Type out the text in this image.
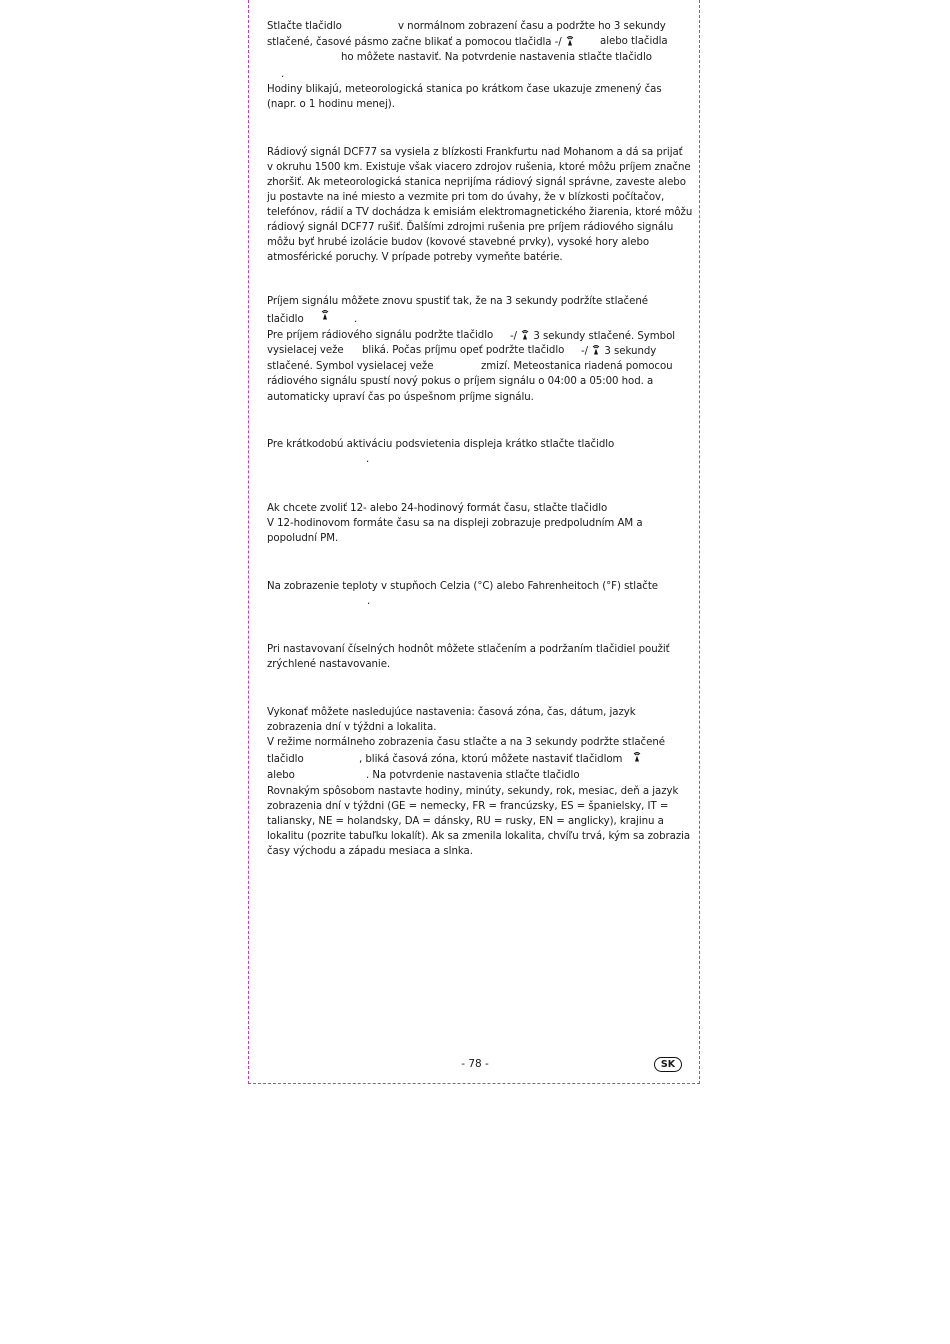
Stlačte tlačidlo	v normálnom zobrazení času a podržte ho 3 sekundy
stlačené, časové pásmo začne blikať a pomocou tlačidla -/	alebo tlačidla
ho môžete nastaviť. Na potvrdenie nastavenia stlačte tlačidlo
.
Hodiny blikajú, meteorologická stanica po krátkom čase ukazuje zmenený čas
(napr. o 1 hodinu menej).
Rádiový signál DCF77 sa vysiela z blízkosti Frankfurtu nad Mohanom a dá sa prijať
v okruhu 1500 km. Existuje však viacero zdrojov rušenia, ktoré môžu príjem značne
zhoršiť. Ak meteorologická stanica neprijíma rádiový signál správne, zaveste alebo
ju postavte na iné miesto a vezmite pri tom do úvahy, že v blízkosti počítačov,
telefónov, rádií a TV dochádza k emisiám elektromagnetického žiarenia, ktoré môžu
rádiový signál DCF77 rušiť. Ďalšími zdrojmi rušenia pre príjem rádiového signálu
môžu byť hrubé izolácie budov (kovové stavebné prvky), vysoké hory alebo
atmosférické poruchy. V prípade potreby vymeňte batérie.
Príjem signálu môžete znovu spustiť tak, že na 3 sekundy podržíte stlačené
tlačidlo	.
Pre príjem rádiového signálu podržte tlačidlo -/ 3 sekundy stlačené. Symbol
vysielacej veže bliká. Počas príjmu opeť podržte tlačidlo -/ 3 sekundy
stlačené. Symbol vysielacej veže	zmizí. Meteostanica riadená pomocou
rádiového signálu spustí nový pokus o príjem signálu o 04:00 a 05:00 hod. a
automaticky upraví čas po úspešnom príjme signálu.
Pre krátkodobú aktiváciu podsvietenia displeja krátko stlačte tlačidlo
.
Ak chcete zvoliť 12- alebo 24-hodinový formát času, stlačte tlačidlo
V 12-hodinovom formáte času sa na displeji zobrazuje predpoludním AM a
popoludní PM.
Na zobrazenie teploty v stupňoch Celzia (°C) alebo Fahrenheitoch (°F) stlačte
.
Pri nastavovaní číselných hodnôt môžete stlačením a podržaním tlačidiel použiť
zrýchlené nastavovanie.
Vykonať môžete nasledujúce nastavenia: časová zóna, čas, dátum, jazyk
zobrazenia dní v týždni a lokalita.
V režime normálneho zobrazenia času stlačte a na 3 sekundy podržte stlačené
tlačidlo	, bliká časová zóna, ktorú môžete nastaviť tlačidlom
alebo	. Na potvrdenie nastavenia stlačte tlačidlo
Rovnakým spôsobom nastavte hodiny, minúty, sekundy, rok, mesiac, deň a jazyk
zobrazenia dní v týždni (GE = nemecky, FR = francúzsky, ES = španielsky, IT =
taliansky, NE = holandsky, DA = dánsky, RU = rusky, EN = anglicky), krajinu a
lokalitu (pozrite tabuľku lokalít). Ak sa zmenila lokalita, chvíľu trvá, kým sa zobrazia
časy východu a západu mesiaca a slnka.
- 78 -	SK
